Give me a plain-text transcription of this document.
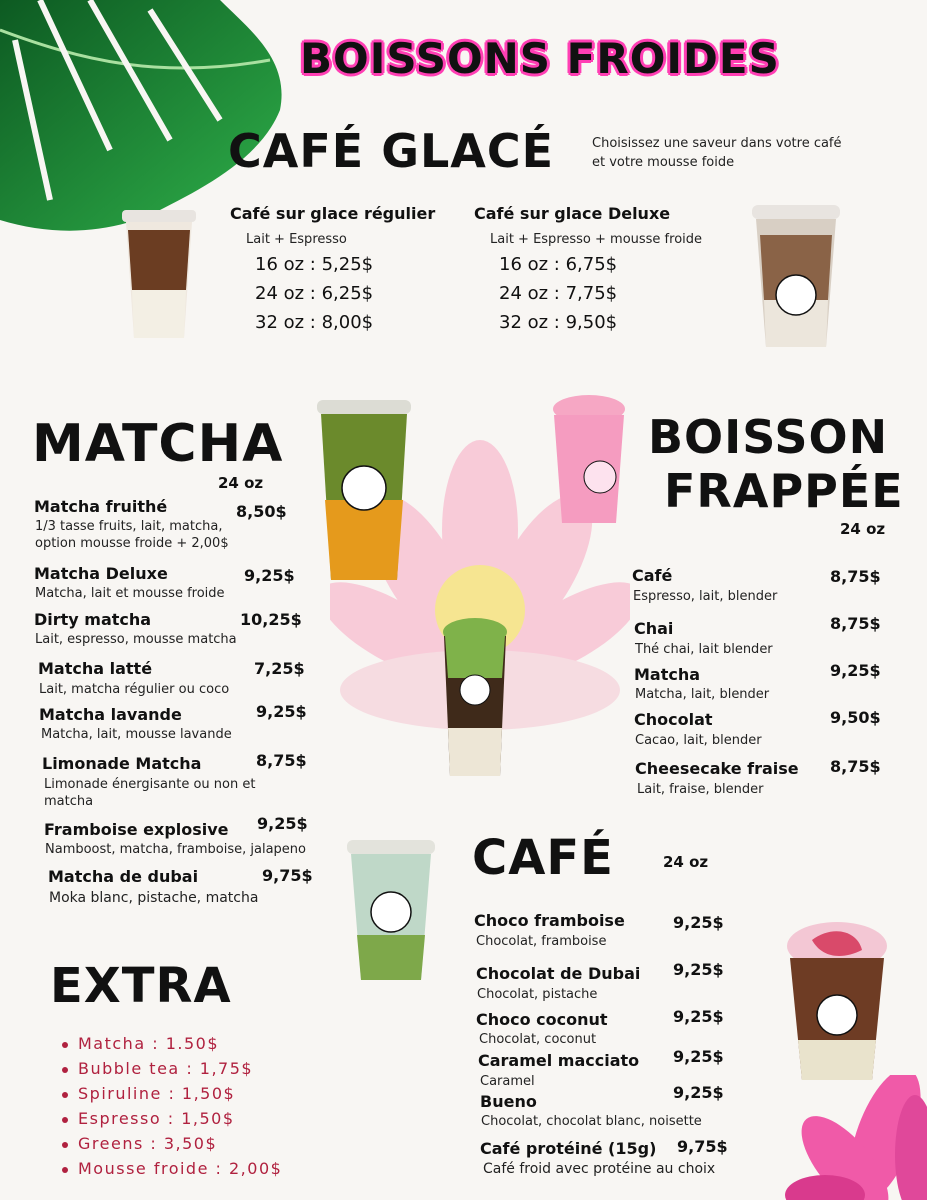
BOISSONS FROIDES
CAFÉ GLACÉ	Choisissez une saveur dans votre café et votre mousse foide
Café sur glace régulier
Lait + Espresso
16 oz : 5,25$
24 oz : 6,25$
32 oz : 8,00$
Café sur glace Deluxe
Lait + Espresso + mousse froide
16 oz : 6,75$
24 oz : 7,75$
32 oz : 9,50$
MATCHA
24 oz
Matcha fruithé	8,50$
1/3 tasse fruits, lait, matcha, option mousse froide + 2,00$
Matcha Deluxe	9,25$
Matcha, lait et mousse froide
Dirty matcha	10,25$
Lait, espresso, mousse matcha
Matcha latté	7,25$
Lait, matcha régulier ou coco
Matcha lavande	9,25$
Matcha, lait, mousse lavande
Limonade Matcha	8,75$
Limonade énergisante ou non et matcha
Framboise explosive 9,25$
Namboost, matcha, framboise, jalapeno
Matcha de dubai	9,75$
Moka blanc, pistache, matcha
BOISSON
FRAPPÉE
24 oz
Café	8,75$
Espresso, lait, blender
Chai	8,75$
Thé chai, lait blender
Matcha	9,25$
Matcha, lait, blender
Chocolat	9,50$
Cacao, lait, blender
Cheesecake fraise 8,75$
Lait, fraise, blender
CAFÉ	24 oz
Choco framboise	9,25$
Chocolat, framboise
Chocolat de Dubai 9,25$
Chocolat, pistache
Choco coconut	9,25$
Chocolat, coconut
Caramel macciato 9,25$
Caramel
Bueno	9,25$
Chocolat, chocolat blanc, noisette
Café protéiné (15g) 9,75$
Café froid avec protéine au choix
EXTRA
Matcha : 1.50$
Bubble tea : 1,75$
Spiruline : 1,50$
Espresso : 1,50$
Greens : 3,50$
Mousse froide : 2,00$
